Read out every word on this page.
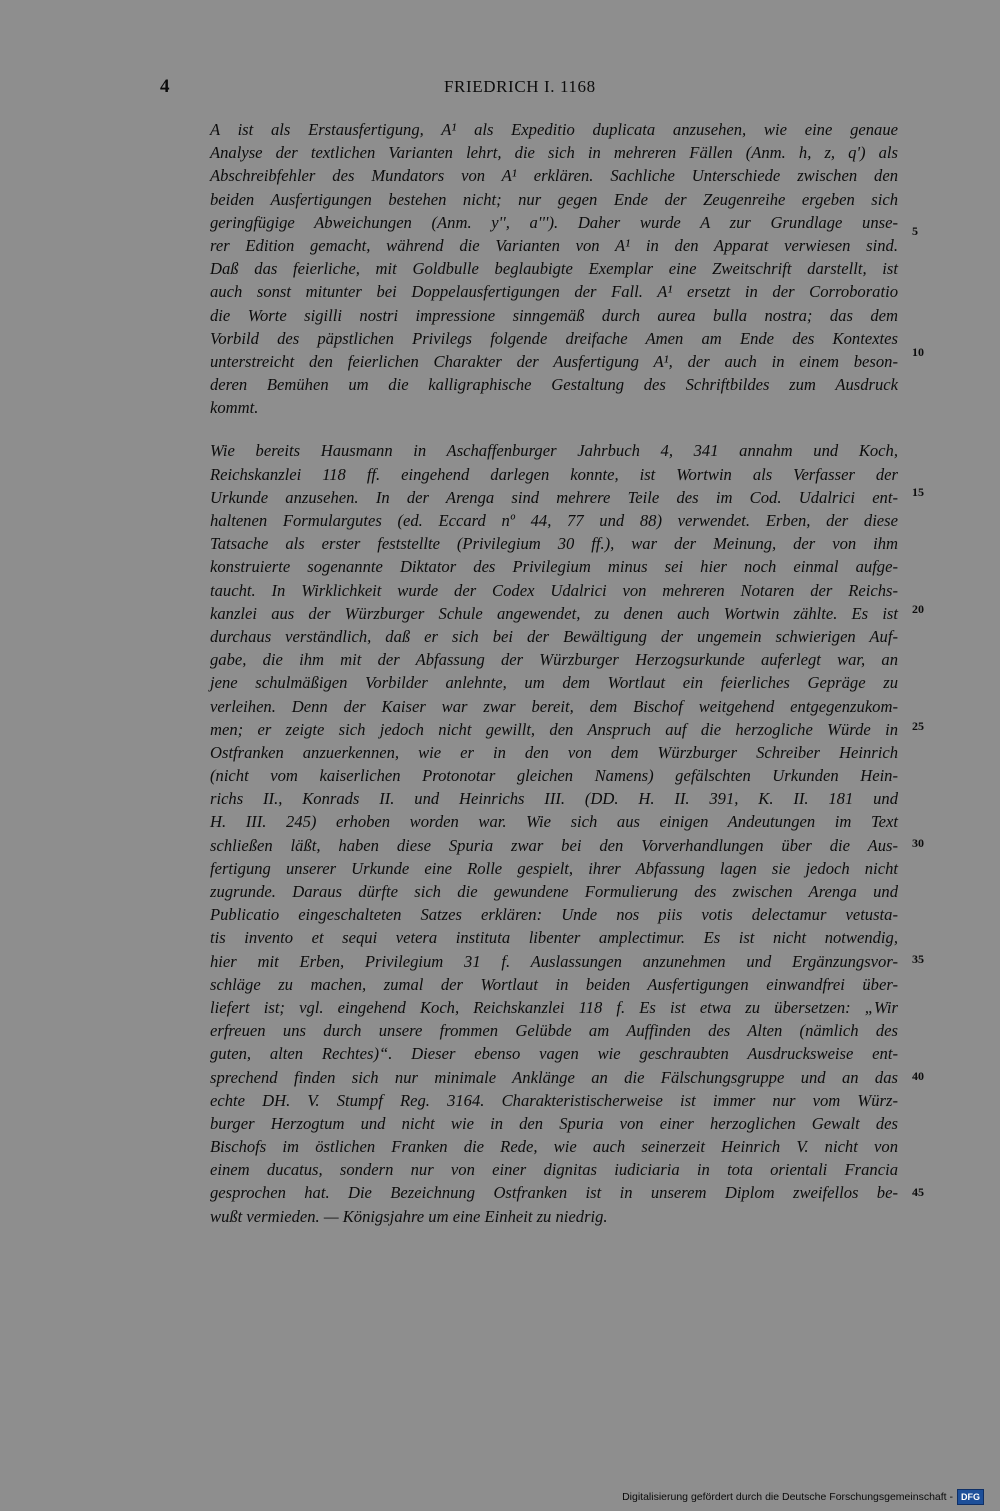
4	FRIEDRICH I. 1168

A ist als Erstausfertigung, A¹ als Expeditio duplicata anzusehen, wie eine genaue
Analyse der textlichen Varianten lehrt, die sich in mehreren Fällen (Anm. h, z, q') als
Abschreibfehler des Mundators von A¹ erklären. Sachliche Unterschiede zwischen den
beiden Ausfertigungen bestehen nicht; nur gegen Ende der Zeugenreihe ergeben sich
geringfügige Abweichungen (Anm. y'', a'''). Daher wurde A zur Grundlage unse-
rer Edition gemacht, während die Varianten von A¹ in den Apparat verwiesen sind.
Daß das feierliche, mit Goldbulle beglaubigte Exemplar eine Zweitschrift darstellt, ist
auch sonst mitunter bei Doppelausfertigungen der Fall. A¹ ersetzt in der Corroboratio
die Worte sigilli nostri impressione sinngemäß durch aurea bulla nostra; das dem
Vorbild des päpstlichen Privilegs folgende dreifache Amen am Ende des Kontextes
unterstreicht den feierlichen Charakter der Ausfertigung A¹, der auch in einem beson-
deren Bemühen um die kalligraphische Gestaltung des Schriftbildes zum Ausdruck
kommt.

Wie bereits Hausmann in Aschaffenburger Jahrbuch 4, 341 annahm und Koch,
Reichskanzlei 118 ff. eingehend darlegen konnte, ist Wortwin als Verfasser der
Urkunde anzusehen. In der Arenga sind mehrere Teile des im Cod. Udalrici ent-
haltenen Formulargutes (ed. Eccard nº 44, 77 und 88) verwendet. Erben, der diese
Tatsache als erster feststellte (Privilegium 30 ff.), war der Meinung, der von ihm
konstruierte sogenannte Diktator des Privilegium minus sei hier noch einmal aufge-
taucht. In Wirklichkeit wurde der Codex Udalrici von mehreren Notaren der Reichs-
kanzlei aus der Würzburger Schule angewendet, zu denen auch Wortwin zählte. Es ist
durchaus verständlich, daß er sich bei der Bewältigung der ungemein schwierigen Auf-
gabe, die ihm mit der Abfassung der Würzburger Herzogsurkunde auferlegt war, an
jene schulmäßigen Vorbilder anlehnte, um dem Wortlaut ein feierliches Gepräge zu
verleihen. Denn der Kaiser war zwar bereit, dem Bischof weitgehend entgegenzukom-
men; er zeigte sich jedoch nicht gewillt, den Anspruch auf die herzogliche Würde in
Ostfranken anzuerkennen, wie er in den von dem Würzburger Schreiber Heinrich
(nicht vom kaiserlichen Protonotar gleichen Namens) gefälschten Urkunden Hein-
richs II., Konrads II. und Heinrichs III. (DD. H. II. 391, K. II. 181 und
H. III. 245) erhoben worden war. Wie sich aus einigen Andeutungen im Text
schließen läßt, haben diese Spuria zwar bei den Vorverhandlungen über die Aus-
fertigung unserer Urkunde eine Rolle gespielt, ihrer Abfassung lagen sie jedoch nicht
zugrunde. Daraus dürfte sich die gewundene Formulierung des zwischen Arenga und
Publicatio eingeschalteten Satzes erklären: Unde nos piis votis delectamur vetusta-
tis invento et sequi vetera instituta libenter amplectimur. Es ist nicht notwendig,
hier mit Erben, Privilegium 31 f. Auslassungen anzunehmen und Ergänzungsvor-
schläge zu machen, zumal der Wortlaut in beiden Ausfertigungen einwandfrei über-
liefert ist; vgl. eingehend Koch, Reichskanzlei 118 f. Es ist etwa zu übersetzen: „Wir
erfreuen uns durch unsere frommen Gelübde am Auffinden des Alten (nämlich des
guten, alten Rechtes)“. Dieser ebenso vagen wie geschraubten Ausdrucksweise ent-
sprechend finden sich nur minimale Anklänge an die Fälschungsgruppe und an das
echte DH. V. Stumpf Reg. 3164. Charakteristischerweise ist immer nur vom Würz-
burger Herzogtum und nicht wie in den Spuria von einer herzoglichen Gewalt des
Bischofs im östlichen Franken die Rede, wie auch seinerzeit Heinrich V. nicht von
einem ducatus, sondern nur von einer dignitas iudiciaria in tota orientali Francia
gesprochen hat. Die Bezeichnung Ostfranken ist in unserem Diplom zweifellos be-
wußt vermieden. — Königsjahre um eine Einheit zu niedrig.

5
10
15
20
25
30
35
40
45
Digitalisierung gefördert durch die Deutsche Forschungsgemeinschaft - DFG
